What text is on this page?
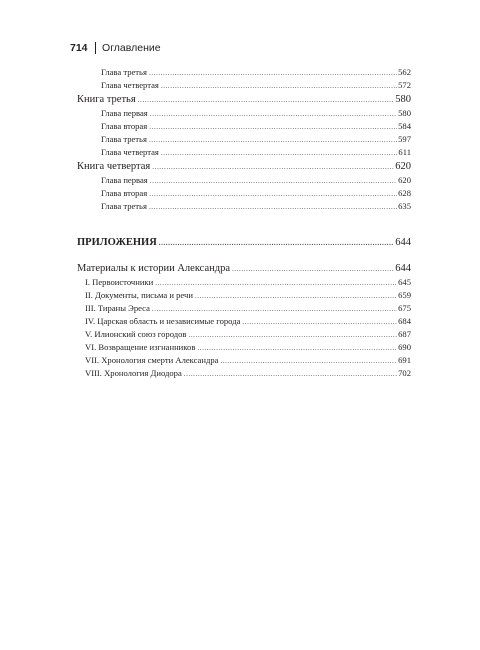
714 Оглавление
Глава третья .....	562
Глава четвертая .....	572
Книга третья .....	580
Глава первая .....	580
Глава вторая .....	584
Глава третья .....	597
Глава четвертая .....	611
Книга четвертая .....	620
Глава первая .....	620
Глава вторая .....	628
Глава третья .....	635
ПРИЛОЖЕНИЯ .....	644
Материалы к истории Александра .....	644
I. Первоисточники .....	645
II. Документы, письма и речи .....	659
III. Тираны Эреса .....	675
IV. Царская область и независимые города .....	684
V. Илионский союз городов .....	687
VI. Возвращение изгнанников .....	690
VII. Хронология смерти Александра .....	691
VIII. Хронология Диодора .....	702
